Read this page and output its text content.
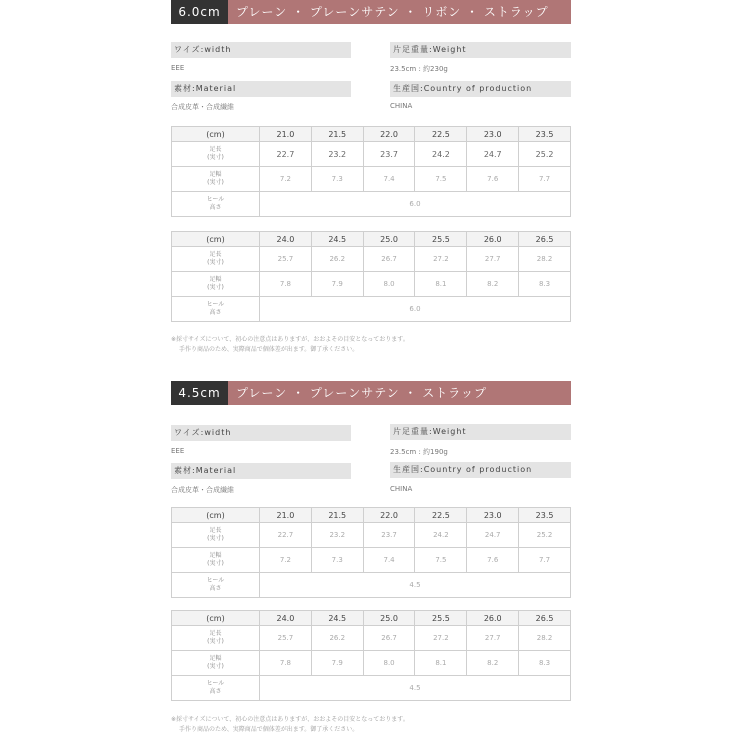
6.0cm	プレーン ・ プレーンサテン ・ リボン ・ ストラップ
ワイズ:width
EEE
片足重量:Weight
23.5cm : 約230g
素材:Material
合成皮革・合成繊維
生産国:Country of production
CHINA
(cm)	21.0	21.5	22.0	22.5	23.0	23.5

足長
(実寸)	22.7	23.2	23.7	24.2	24.7	25.2

足幅
(実寸)	7.2	7.3	7.4	7.5	7.6	7.7

ヒール
高さ	6.0					
(cm)	24.0	24.5	25.0	25.5	26.0	26.5

足長
(実寸)	25.7	26.2	26.7	27.2	27.7	28.2

足幅
(実寸)	7.8	7.9	8.0	8.1	8.2	8.3

ヒール
高さ	6.0					
※採寸サイズについて、初心の注意点はありますが、おおよその目安となっております。
手作り商品のため、実際商品で個体差が出ます。御了承ください。
4.5cm	プレーン ・ プレーンサテン ・ ストラップ
ワイズ:width
EEE
片足重量:Weight
23.5cm : 約190g
素材:Material
合成皮革・合成繊維
生産国:Country of production
CHINA
(cm)	21.0	21.5	22.0	22.5	23.0	23.5

足長
(実寸)	22.7	23.2	23.7	24.2	24.7	25.2

足幅
(実寸)	7.2	7.3	7.4	7.5	7.6	7.7

ヒール
高さ	4.5					
(cm)	24.0	24.5	25.0	25.5	26.0	26.5

足長
(実寸)	25.7	26.2	26.7	27.2	27.7	28.2

足幅
(実寸)	7.8	7.9	8.0	8.1	8.2	8.3

ヒール
高さ	4.5					
※採寸サイズについて、初心の注意点はありますが、おおよその目安となっております。
手作り商品のため、実際商品で個体差が出ます。御了承ください。
